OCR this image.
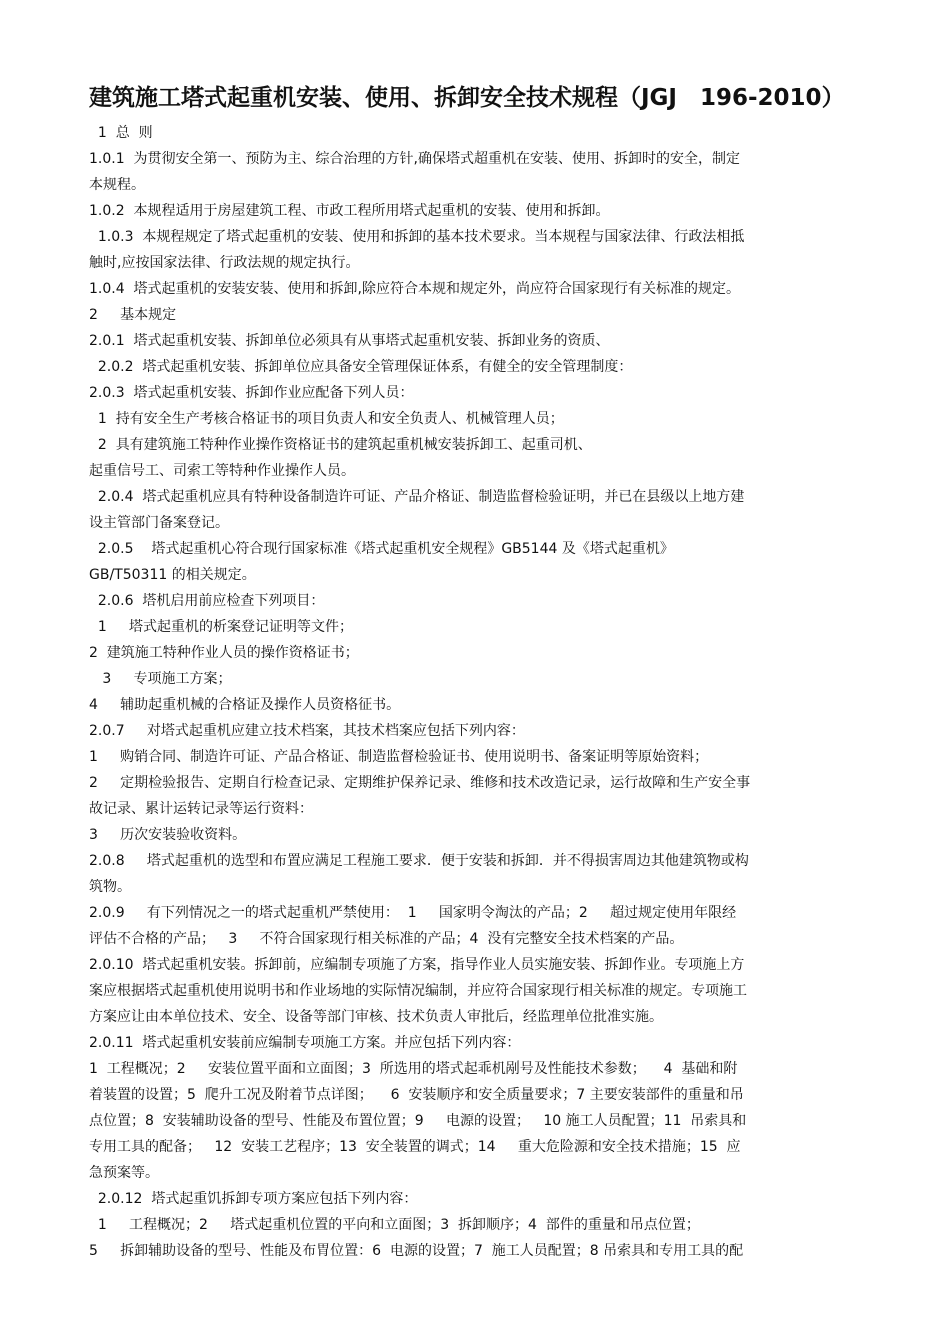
建筑施工塔式起重机安装、使用、拆卸安全技术规程（JGJ　196-2010）
1  总  则
1.0.1  为贯彻安全第一、预防为主、综合治理的方针,确保塔式超重机在安装、使用、拆卸时的安全，制定
本规程。
1.0.2  本规程适用于房屋建筑工程、市政工程所用塔式起重机的安装、使用和拆卸。
1.0.3  本规程规定了塔式起重机的安装、使用和拆卸的基本技术要求。当本规程与国家法律、行政法相抵
触时,应按国家法律、行政法规的规定执行。
1.0.4  塔式起重机的安装安装、使用和拆卸,除应符合本规和规定外，尚应符合国家现行有关标准的规定。
2     基本规定
2.0.1  塔式起重机安装、拆卸单位必须具有从事塔式起重机安装、拆卸业务的资质、
2.0.2  塔式起重机安装、拆卸单位应具备安全管理保证体系，有健全的安全管理制度：
2.0.3  塔式起重机安装、拆卸作业应配备下列人员：
1  持有安全生产考核合格证书的项目负责人和安全负责人、机械管理人员；
2  具有建筑施工特种作业操作资格证书的建筑起重机械安装拆卸工、起重司机、
起重信号工、司索工等特种作业操作人员。
2.0.4  塔式起重机应具有特种设备制造许可证、产品介格证、制造监督检验证明，并已在县级以上地方建
设主管部门备案登记。
2.0.5    塔式起重机心符合现行国家标准《塔式起重机安全规程》GB5144 及《塔式起重机》
GB/T50311 的相关规定。
2.0.6  塔机启用前应检查下列项目：
1     塔式起重机的析案登记证明等文件；
2  建筑施工特种作业人员的操作资格证书；
3     专项施工方案；
4     辅助起重机械的合格证及操作人员资格征书。
2.0.7     对塔式起重机应建立技术档案，其技术档案应包括下列内容：
1     购销合同、制造许可证、产品合格证、制造监督检验证书、使用说明书、备案证明等原始资料；
2     定期检验报告、定期自行检查记录、定期维护保养记录、维修和技术改造记录，运行故障和生产安全事
故记录、累计运转记录等运行资料：
3     历次安装验收资料。
2.0.8     塔式起重机的选型和布置应满足工程施工要求．便于安装和拆卸．并不得损害周边其他建筑物或构
筑物。
2.0.9     有下列情况之一的塔式起重机严禁使用：  1     国家明令淘汰的产品；2     超过规定使用年限经
评估不合格的产品；   3     不符合国家现行相关标准的产品；4  没有完整安全技术档案的产品。
2.0.10  塔式起重机安装。拆卸前，应编制专项施了方案，指导作业人员实施安装、拆卸作业。专项施上方
案应根据塔式起重机使用说明书和作业场地的实际情况编制，并应符合国家现行相关标准的规定。专项施工
方案应让由本单位技术、安全、设备等部门审核、技术负责人审批后，经监理单位批准实施。
2.0.11  塔式起重机安装前应编制专项施工方案。并应包括下列内容：
1  工程概况；2     安装位置平面和立面图；3  所选用的塔式起乖机剐号及性能技术参数；    4  基础和附
着装置的设置；5  爬升工况及附着节点详图；    6  安装顺序和安全质量要求；7 主要安装部件的重量和吊
点位置；8  安装辅助设备的型号、性能及布置位置；9     电源的设置；   10 施工人员配置；11  吊索具和
专用工具的配备；   12  安装工艺程序；13  安全装置的调式；14     重大危险源和安全技术措施；15  应
急预案等。
2.0.12  塔式起重饥拆卸专项方案应包括下列内容：
1     工程概况；2     塔式起重机位置的平向和立面图；3  拆卸顺序；4  部件的重量和吊点位置；
5     拆卸辅助设备的型号、性能及布胃位置：6  电源的设置；7  施工人员配置；8 吊索具和专用工具的配
